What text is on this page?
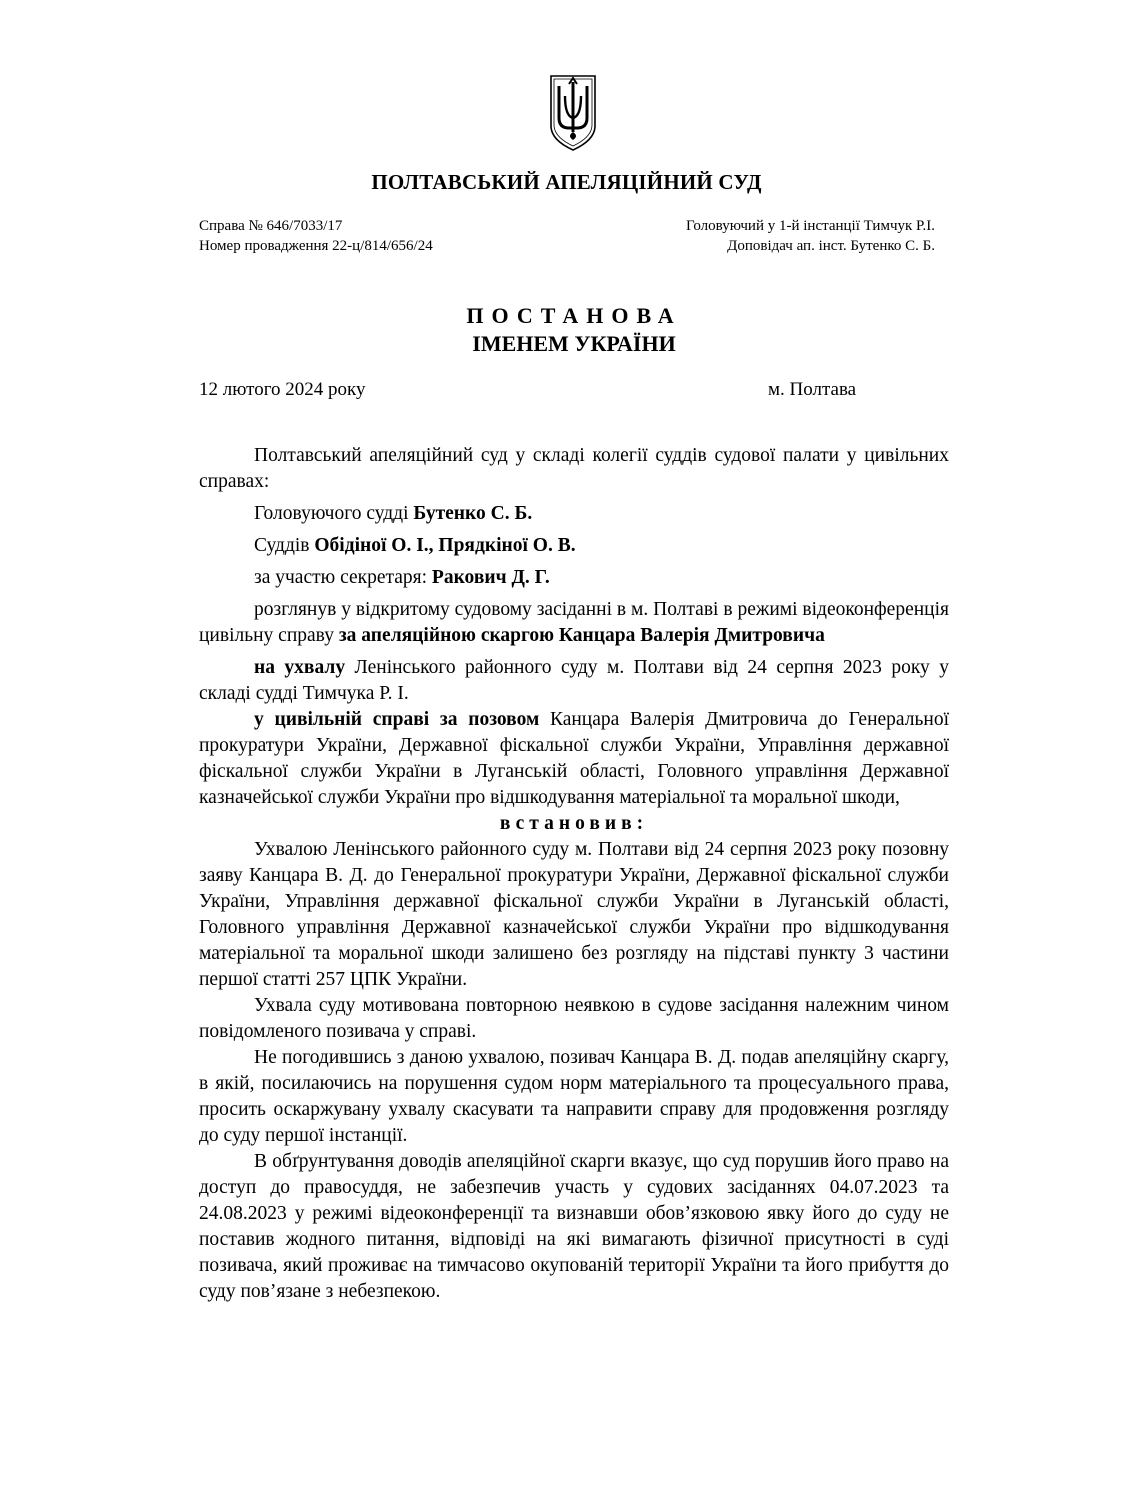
ПОЛТАВСЬКИЙ АПЕЛЯЦІЙНИЙ СУД
Справа № 646/7033/17
Номер провадження 22-ц/814/656/24
Головуючий у 1-й інстанції Тимчук Р.І.
Доповідач ап. інст. Бутенко С. Б.
ПОСТАНОВА
ІМЕНЕМ УКРАЇНИ
12 лютого 2024 року	м. Полтава

Полтавський апеляційний суд у складі колегії суддів судової палати у цивільних справах:

Головуючого судді Бутенко С. Б.

Суддів Обідіної О. І., Прядкіної О. В.

за участю секретаря: Ракович Д. Г.

розглянув у відкритому судовому засіданні в м. Полтаві в режимі відеоконференція цивільну справу за апеляційною скаргою Канцара Валерія Дмитровича

на ухвалу Ленінського районного суду м. Полтави від 24 серпня 2023 року у складі судді Тимчука Р. І.

у цивільній справі за позовом Канцара Валерія Дмитровича до Генеральної прокуратури України, Державної фіскальної служби України, Управління державної фіскальної служби України в Луганській області, Головного управління Державної казначейської служби України про відшкодування матеріальної та моральної шкоди,

встановив:

Ухвалою Ленінського районного суду м. Полтави від 24 серпня 2023 року позовну заяву Канцара В. Д. до Генеральної прокуратури України, Державної фіскальної служби України, Управління державної фіскальної служби України в Луганській області, Головного управління Державної казначейської служби України про відшкодування матеріальної та моральної шкоди залишено без розгляду на підставі пункту 3 частини першої статті 257 ЦПК України.

Ухвала суду мотивована повторною неявкою в судове засідання належним чином повідомленого позивача у справі.

Не погодившись з даною ухвалою, позивач Канцара В. Д. подав апеляційну скаргу, в якій, посилаючись на порушення судом норм матеріального та процесуального права, просить оскаржувану ухвалу скасувати та направити справу для продовження розгляду до суду першої інстанції.

В обґрунтування доводів апеляційної скарги вказує, що суд порушив його право на доступ до правосуддя, не забезпечив участь у судових засіданнях 04.07.2023 та 24.08.2023 у режимі відеоконференції та визнавши обов’язковою явку його до суду не поставив жодного питання, відповіді на які вимагають фізичної присутності в суді позивача, який проживає на тимчасово окупованій території України та його прибуття до суду пов’язане з небезпекою.
